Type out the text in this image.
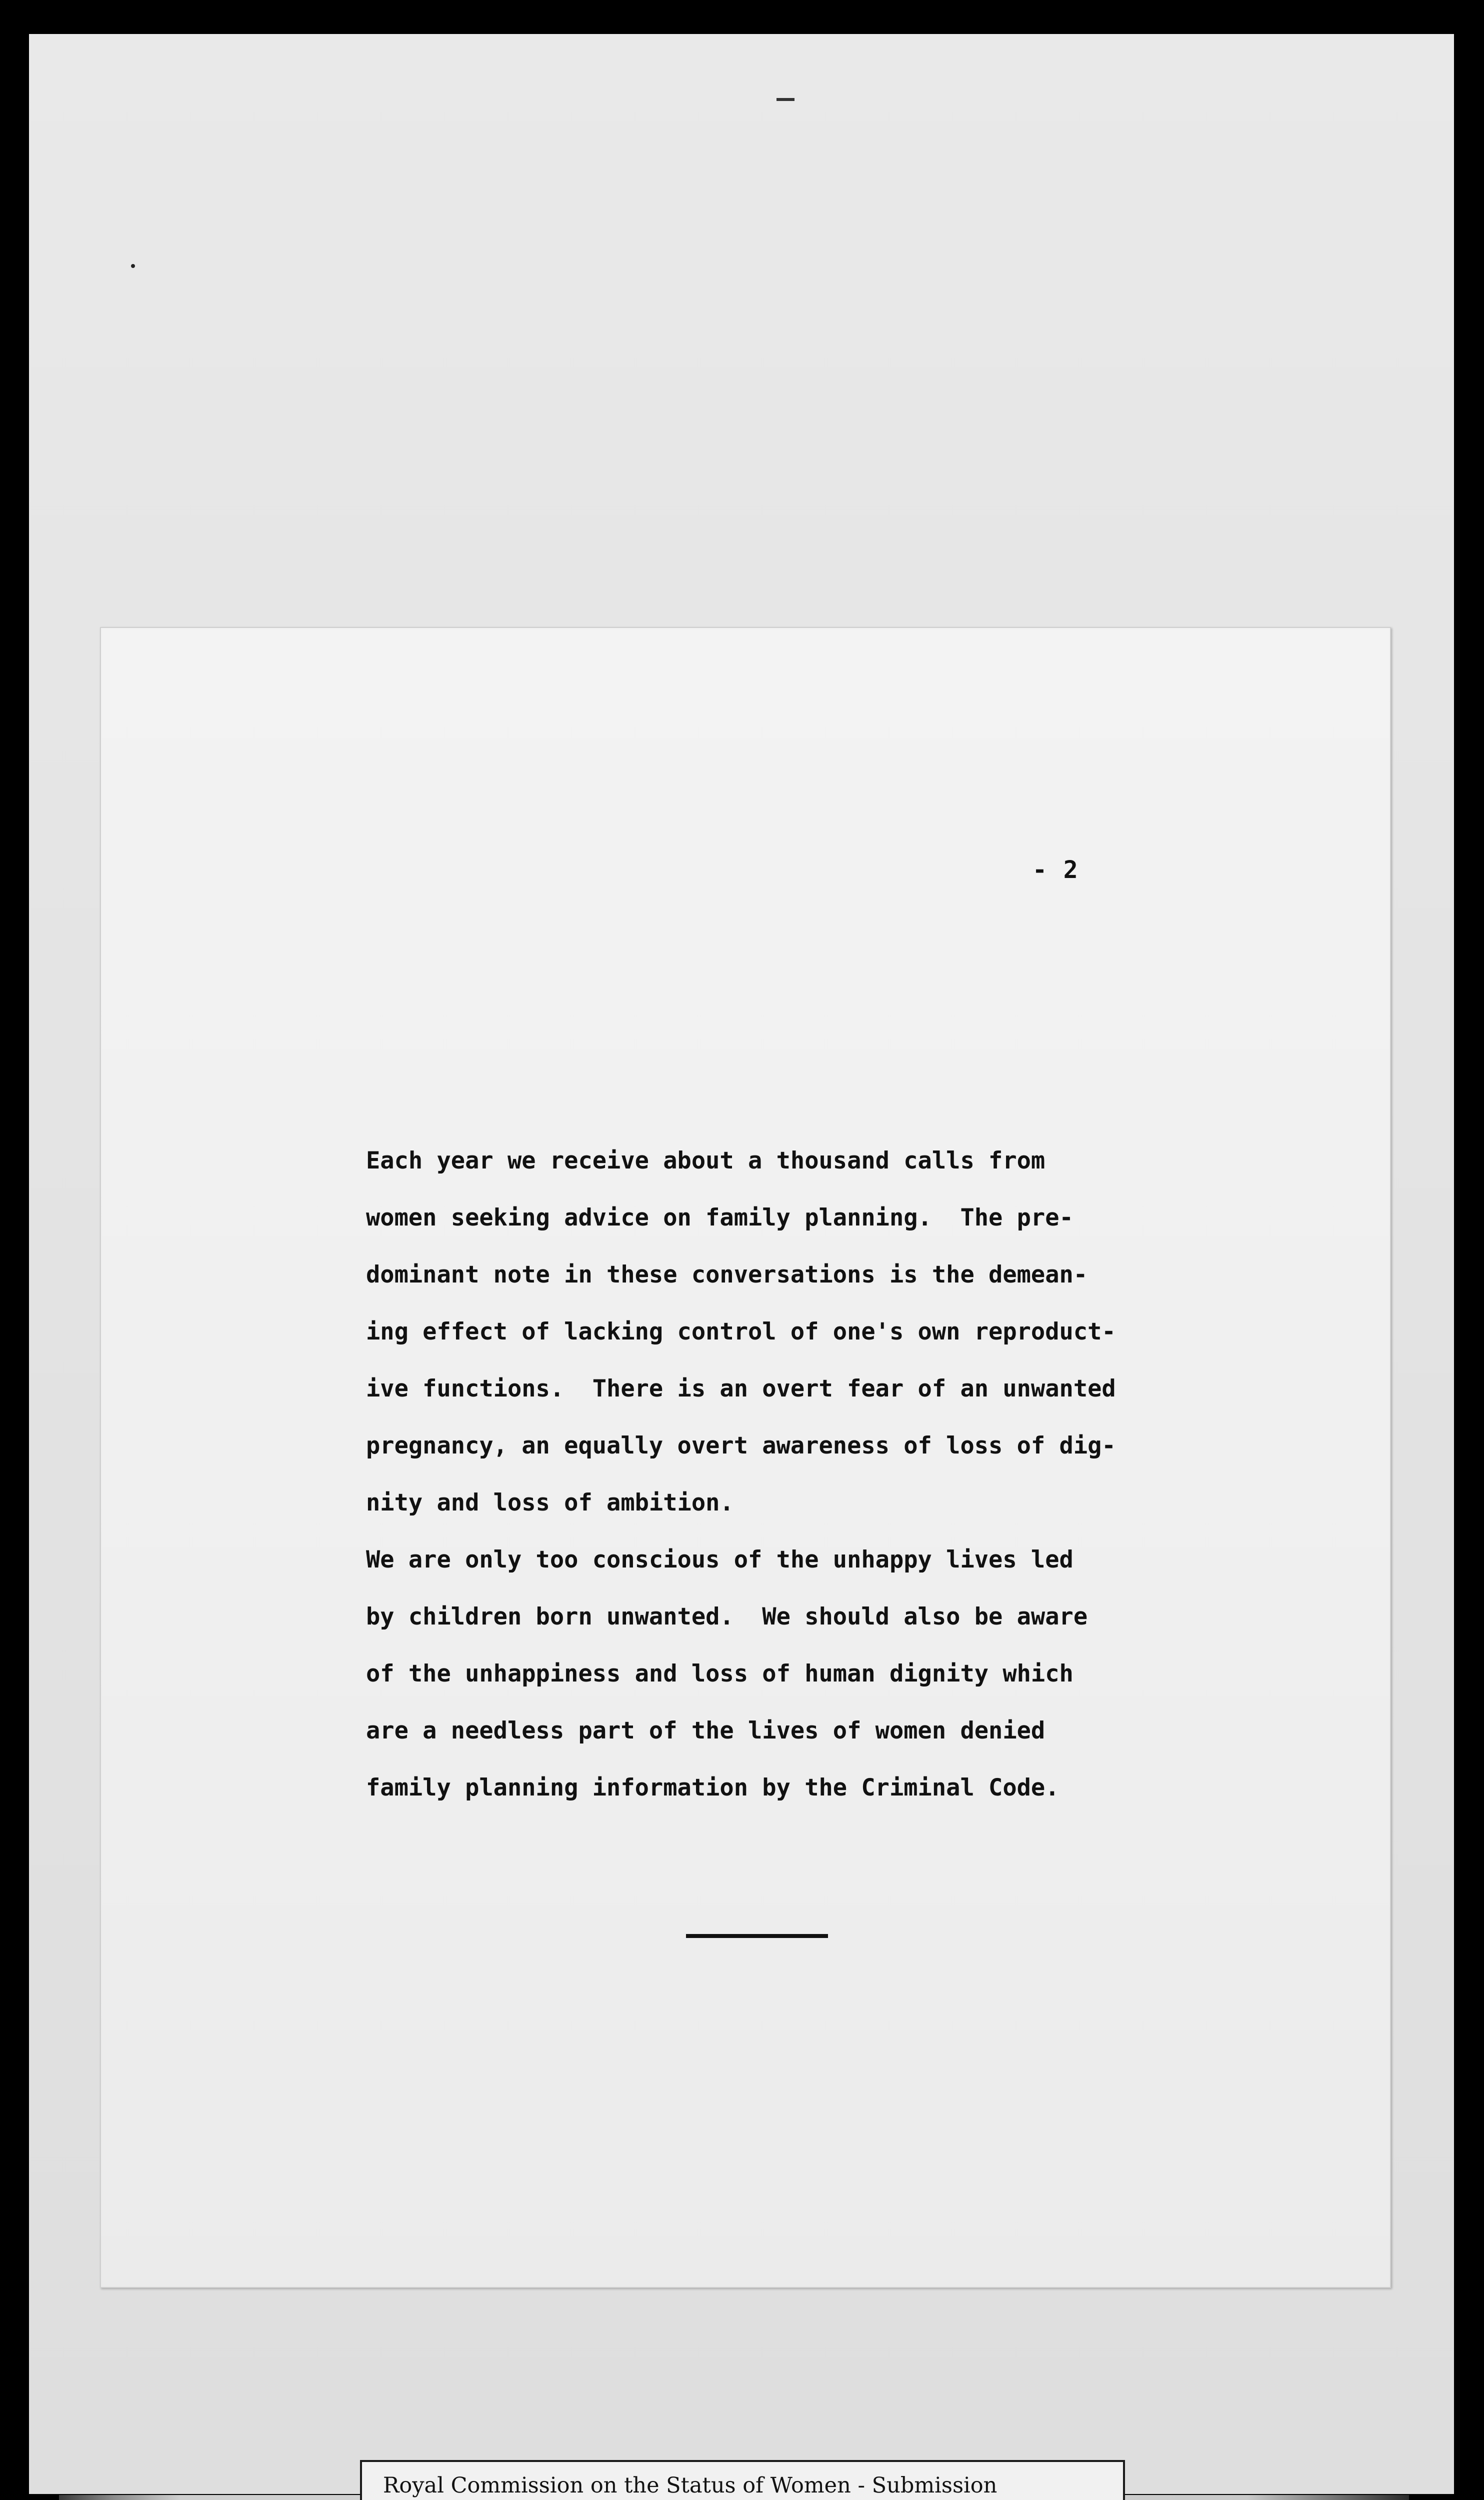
- 2
Each year we receive about a thousand calls from
women seeking advice on family planning.  The pre-
dominant note in these conversations is the demean-
ing effect of lacking control of one's own reproduct-
ive functions.  There is an overt fear of an unwanted
pregnancy, an equally overt awareness of loss of dig-
nity and loss of ambition.
We are only too conscious of the unhappy lives led
by children born unwanted.  We should also be aware
of the unhappiness and loss of human dignity which
are a needless part of the lives of women denied
family planning information by the Criminal Code.
Royal Commission on the Status of Women - Submission
